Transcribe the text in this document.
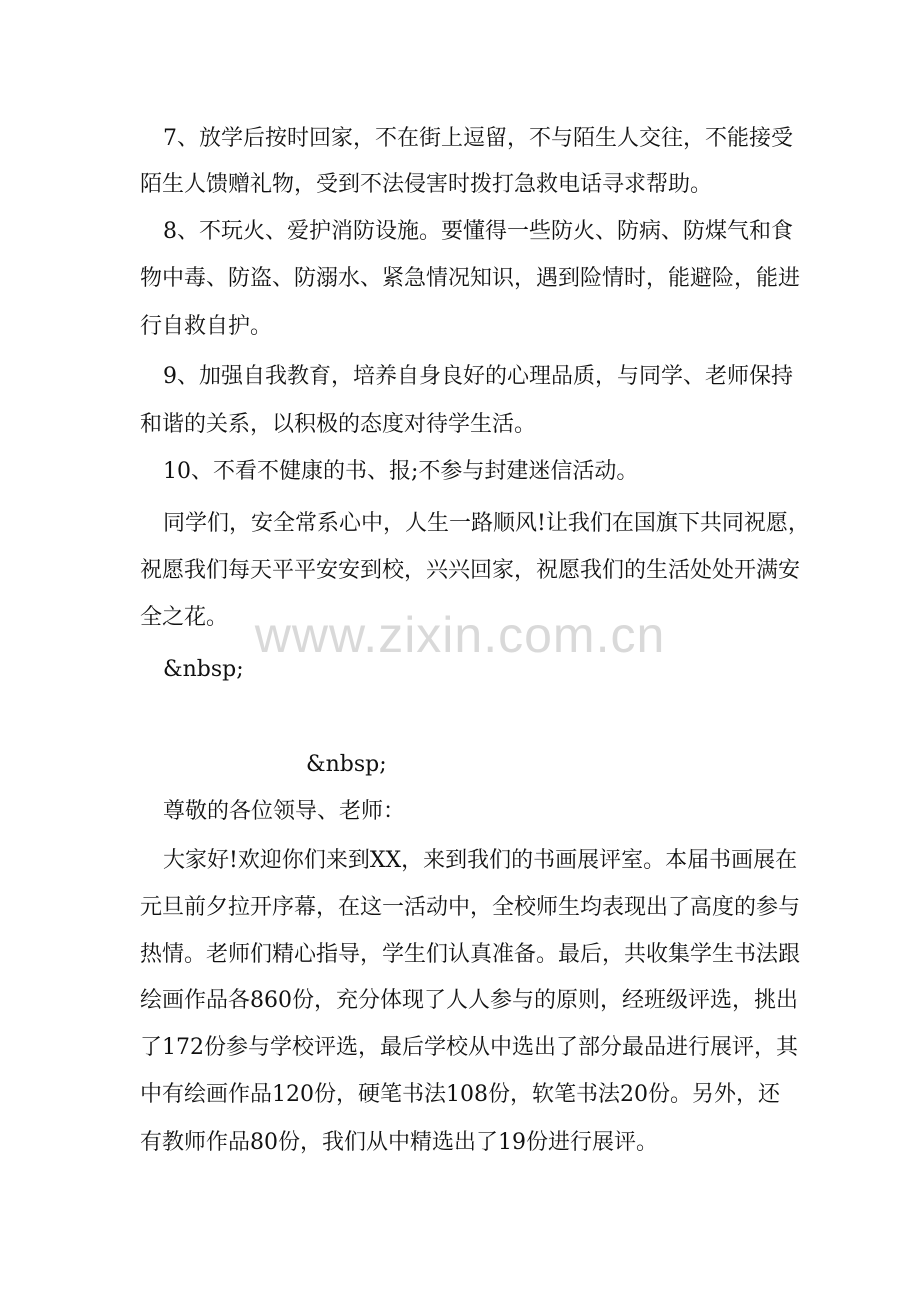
7、放学后按时回家，不在街上逗留，不与陌生人交往，不能接受
陌生人馈赠礼物，受到不法侵害时拨打急救电话寻求帮助。
8、不玩火、爱护消防设施。要懂得一些防火、防病、防煤气和食
物中毒、防盗、防溺水、紧急情况知识，遇到险情时，能避险，能进
行自救自护。
9、加强自我教育，培养自身良好的心理品质，与同学、老师保持
和谐的关系，以积极的态度对待学生活。
10、不看不健康的书、报;不参与封建迷信活动。
同学们，安全常系心中，人生一路顺风!让我们在国旗下共同祝愿，
祝愿我们每天平平安安到校，兴兴回家，祝愿我们的生活处处开满安
全之花。
&nbsp;
&nbsp;
尊敬的各位领导、老师：
大家好!欢迎你们来到XX，来到我们的书画展评室。本届书画展在
元旦前夕拉开序幕，在这一活动中，全校师生均表现出了高度的参与
热情。老师们精心指导，学生们认真准备。最后，共收集学生书法跟
绘画作品各860份，充分体现了人人参与的原则，经班级评选，挑出
了172份参与学校评选，最后学校从中选出了部分最品进行展评，其
中有绘画作品120份，硬笔书法108份，软笔书法20份。另外，还
有教师作品80份，我们从中精选出了19份进行展评。
www.zixin.com.cn
